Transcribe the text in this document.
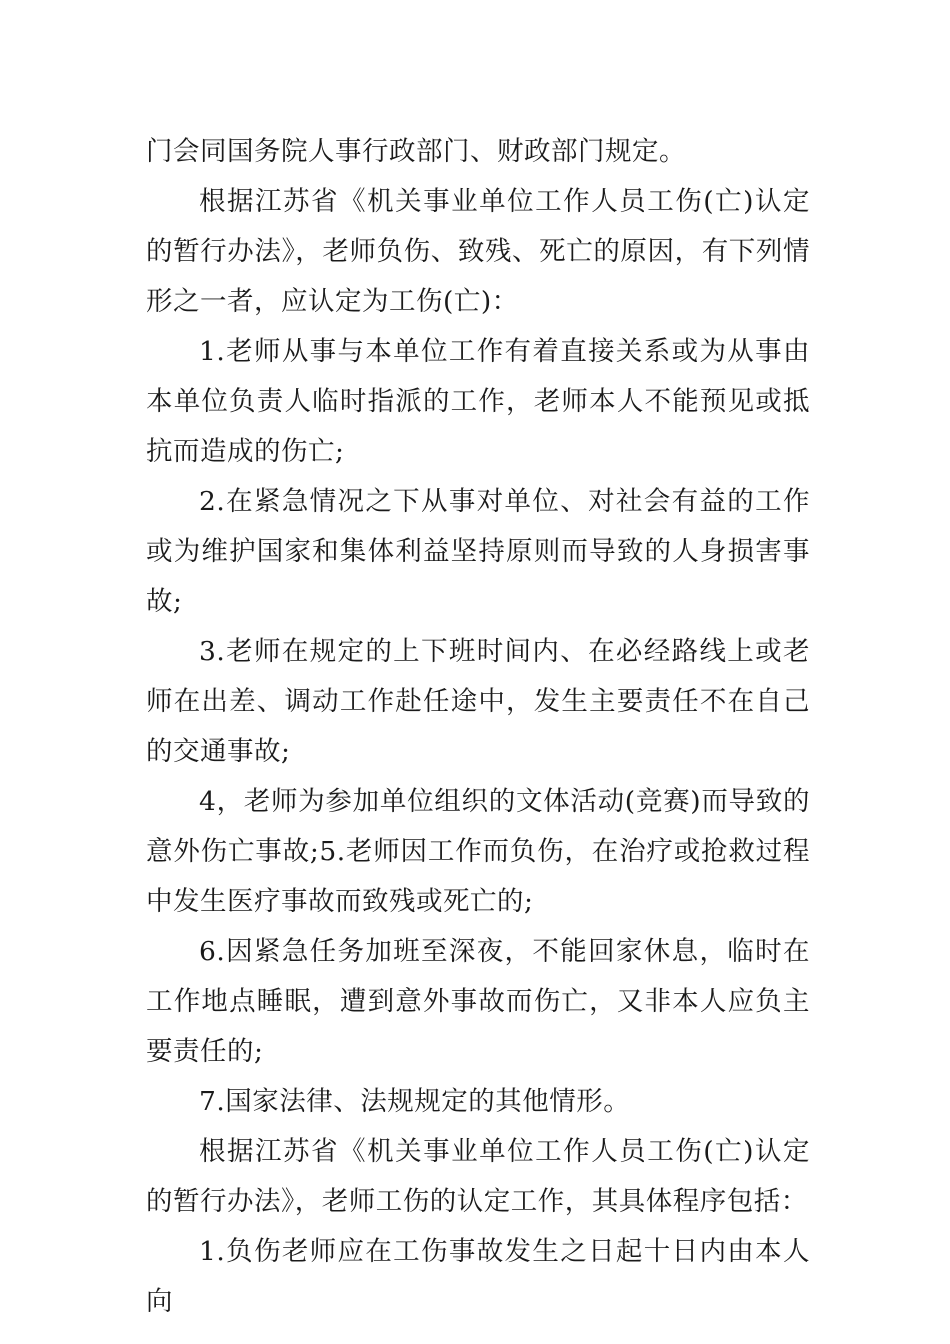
门会同国务院人事行政部门、财政部门规定。

根据江苏省《机关事业单位工作人员工伤(亡)认定的暂行办法》，老师负伤、致残、死亡的原因，有下列情形之一者，应认定为工伤(亡)：

1.老师从事与本单位工作有着直接关系或为从事由本单位负责人临时指派的工作，老师本人不能预见或抵抗而造成的伤亡;

2.在紧急情况之下从事对单位、对社会有益的工作或为维护国家和集体利益坚持原则而导致的人身损害事故;

3.老师在规定的上下班时间内、在必经路线上或老师在出差、调动工作赴任途中，发生主要责任不在自己的交通事故;

4，老师为参加单位组织的文体活动(竞赛)而导致的意外伤亡事故;5.老师因工作而负伤，在治疗或抢救过程中发生医疗事故而致残或死亡的;

6.因紧急任务加班至深夜，不能回家休息，临时在工作地点睡眠，遭到意外事故而伤亡，又非本人应负主要责任的;

7.国家法律、法规规定的其他情形。

根据江苏省《机关事业单位工作人员工伤(亡)认定的暂行办法》，老师工伤的认定工作，其具体程序包括：

1.负伤老师应在工伤事故发生之日起十日内由本人向
